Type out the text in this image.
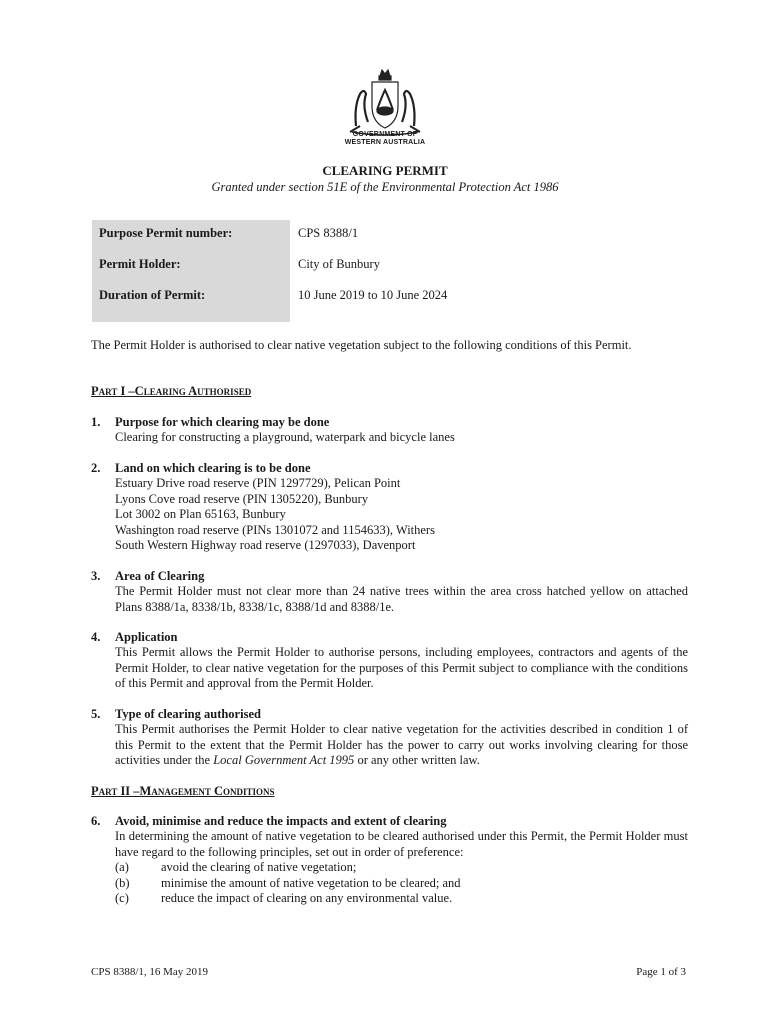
GOVERNMENT OF
WESTERN AUSTRALIA
CLEARING PERMIT
Granted under section 51E of the Environmental Protection Act 1986
Purpose Permit number:	CPS 8388/1
Permit Holder:	City of Bunbury
Duration of Permit:	10 June 2019 to 10 June 2024
The Permit Holder is authorised to clear native vegetation subject to the following conditions of this Permit.
Part I –Clearing Authorised
1. Purpose for which clearing may be done
Clearing for constructing a playground, waterpark and bicycle lanes
2. Land on which clearing is to be done
Estuary Drive road reserve (PIN 1297729), Pelican Point
Lyons Cove road reserve (PIN 1305220), Bunbury
Lot 3002 on Plan 65163, Bunbury
Washington road reserve (PINs 1301072 and 1154633), Withers
South Western Highway road reserve (1297033), Davenport
3. Area of Clearing
The Permit Holder must not clear more than 24 native trees within the area cross hatched yellow on attached Plans 8388/1a, 8338/1b, 8338/1c, 8388/1d and 8388/1e.
4. Application
This Permit allows the Permit Holder to authorise persons, including employees, contractors and agents of the Permit Holder, to clear native vegetation for the purposes of this Permit subject to compliance with the conditions of this Permit and approval from the Permit Holder.
5. Type of clearing authorised
This Permit authorises the Permit Holder to clear native vegetation for the activities described in condition 1 of this Permit to the extent that the Permit Holder has the power to carry out works involving clearing for those activities under the Local Government Act 1995 or any other written law.
Part II –Management Conditions
6. Avoid, minimise and reduce the impacts and extent of clearing
In determining the amount of native vegetation to be cleared authorised under this Permit, the Permit Holder must have regard to the following principles, set out in order of preference:
(a)	avoid the clearing of native vegetation;
(b)	minimise the amount of native vegetation to be cleared; and
(c)	reduce the impact of clearing on any environmental value.
CPS 8388/1, 16 May 2019	Page 1 of 3
